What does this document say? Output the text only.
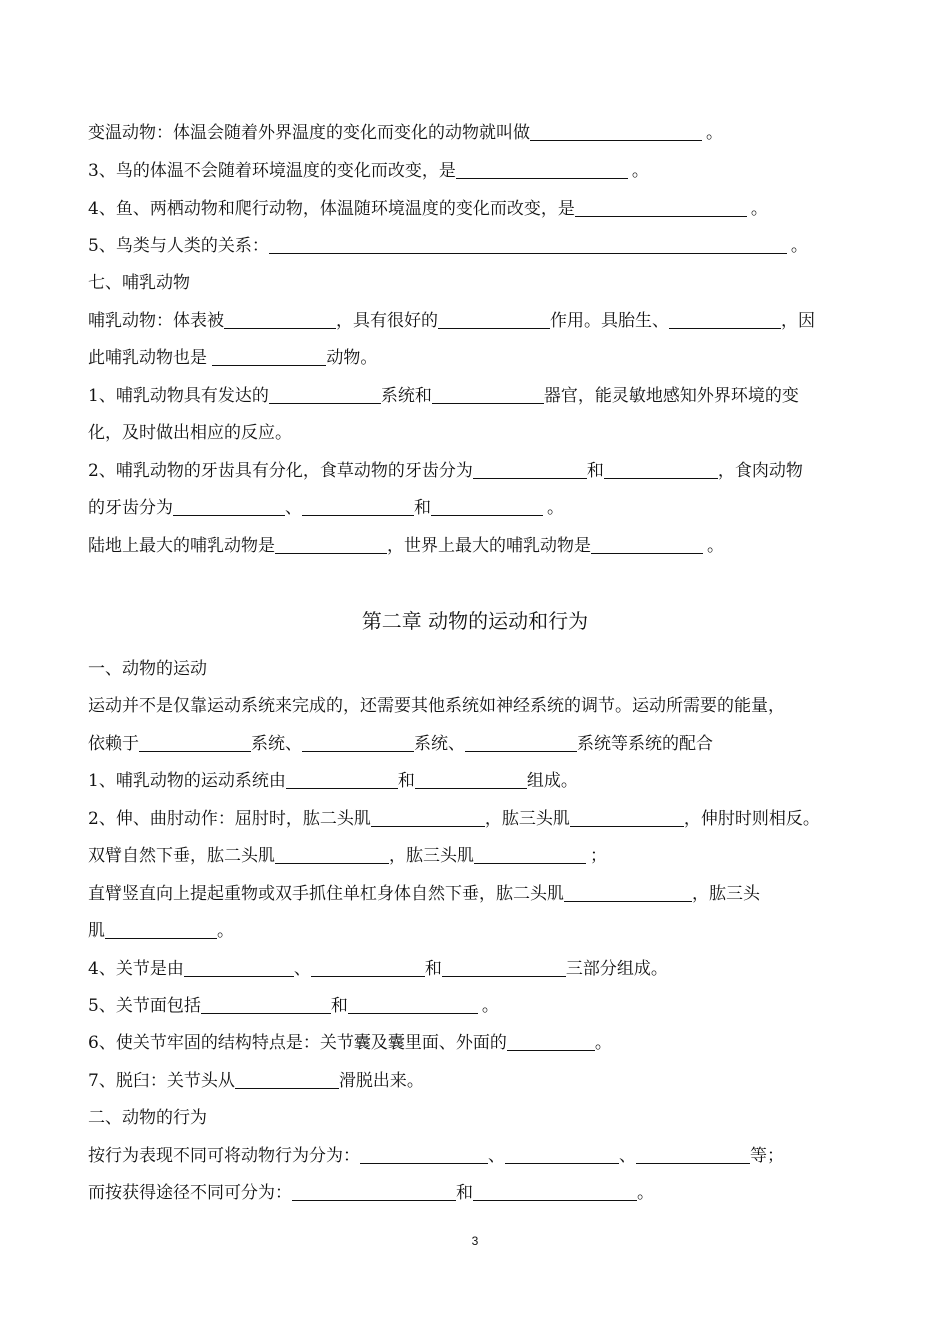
变温动物：体温会随着外界温度的变化而变化的动物就叫做	。
3、鸟的体温不会随着环境温度的变化而改变，是	。
4、鱼、两栖动物和爬行动物，体温随环境温度的变化而改变，是	。
5、鸟类与人类的关系：	。
七、哺乳动物
哺乳动物：体表被	，具有很好的	作用。具胎生、	，因
此哺乳动物也是	动物。
1、哺乳动物具有发达的	系统和	器官，能灵敏地感知外界环境的变
化，及时做出相应的反应。
2、哺乳动物的牙齿具有分化，食草动物的牙齿分为	和	，食肉动物
的牙齿分为	、	和	。
陆地上最大的哺乳动物是	，世界上最大的哺乳动物是	。
第二章 动物的运动和行为
一、动物的运动
运动并不是仅靠运动系统来完成的，还需要其他系统如神经系统的调节。运动所需要的能量，
依赖于	系统、	系统、	系统等系统的配合
1、哺乳动物的运动系统由	和	组成。
2、伸、曲肘动作：屈肘时，肱二头肌	，肱三头肌	，伸肘时则相反。
双臂自然下垂，肱二头肌	，肱三头肌	；
直臂竖直向上提起重物或双手抓住单杠身体自然下垂，肱二头肌	，肱三头
肌	。
4、关节是由	、	和	三部分组成。
5、关节面包括	和	。
6、使关节牢固的结构特点是：关节囊及囊里面、外面的	。
7、脱臼：关节头从	滑脱出来。
二、动物的行为
按行为表现不同可将动物行为分为：	、	、	等；
而按获得途径不同可分为：	和	。
3
